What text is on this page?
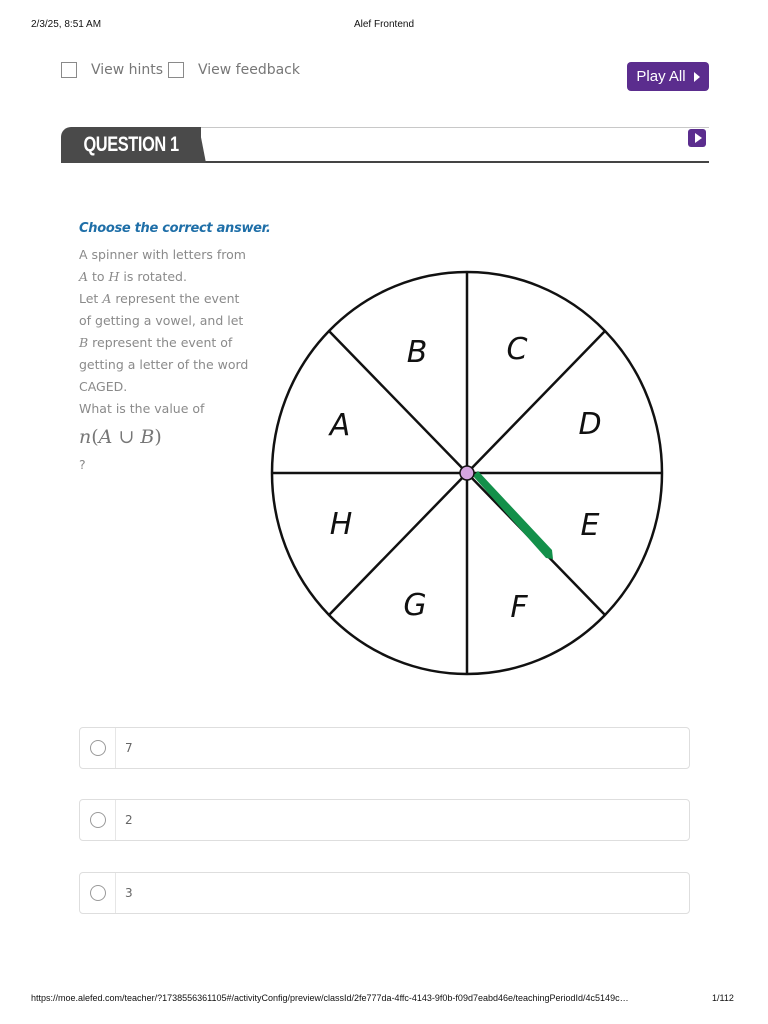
2/3/25, 8:51 AM	Alef Frontend
View hints View feedback	Play All
QUESTION 1
Choose the correct answer.
A spinner with letters from
A to H is rotated.
Let A represent the event
of getting a vowel, and let
B represent the event of
getting a letter of the word
CAGED.
What is the value of
n(A ∪ B)
?
B	C
D
E
F
G
H
A
7
2
3
https://moe.alefed.com/teacher/?1738556361105#/activityConfig/preview/classId/2fe777da-4ffc-4143-9f0b-f09d7eabd46e/teachingPeriodId/4c5149c…	1/112
